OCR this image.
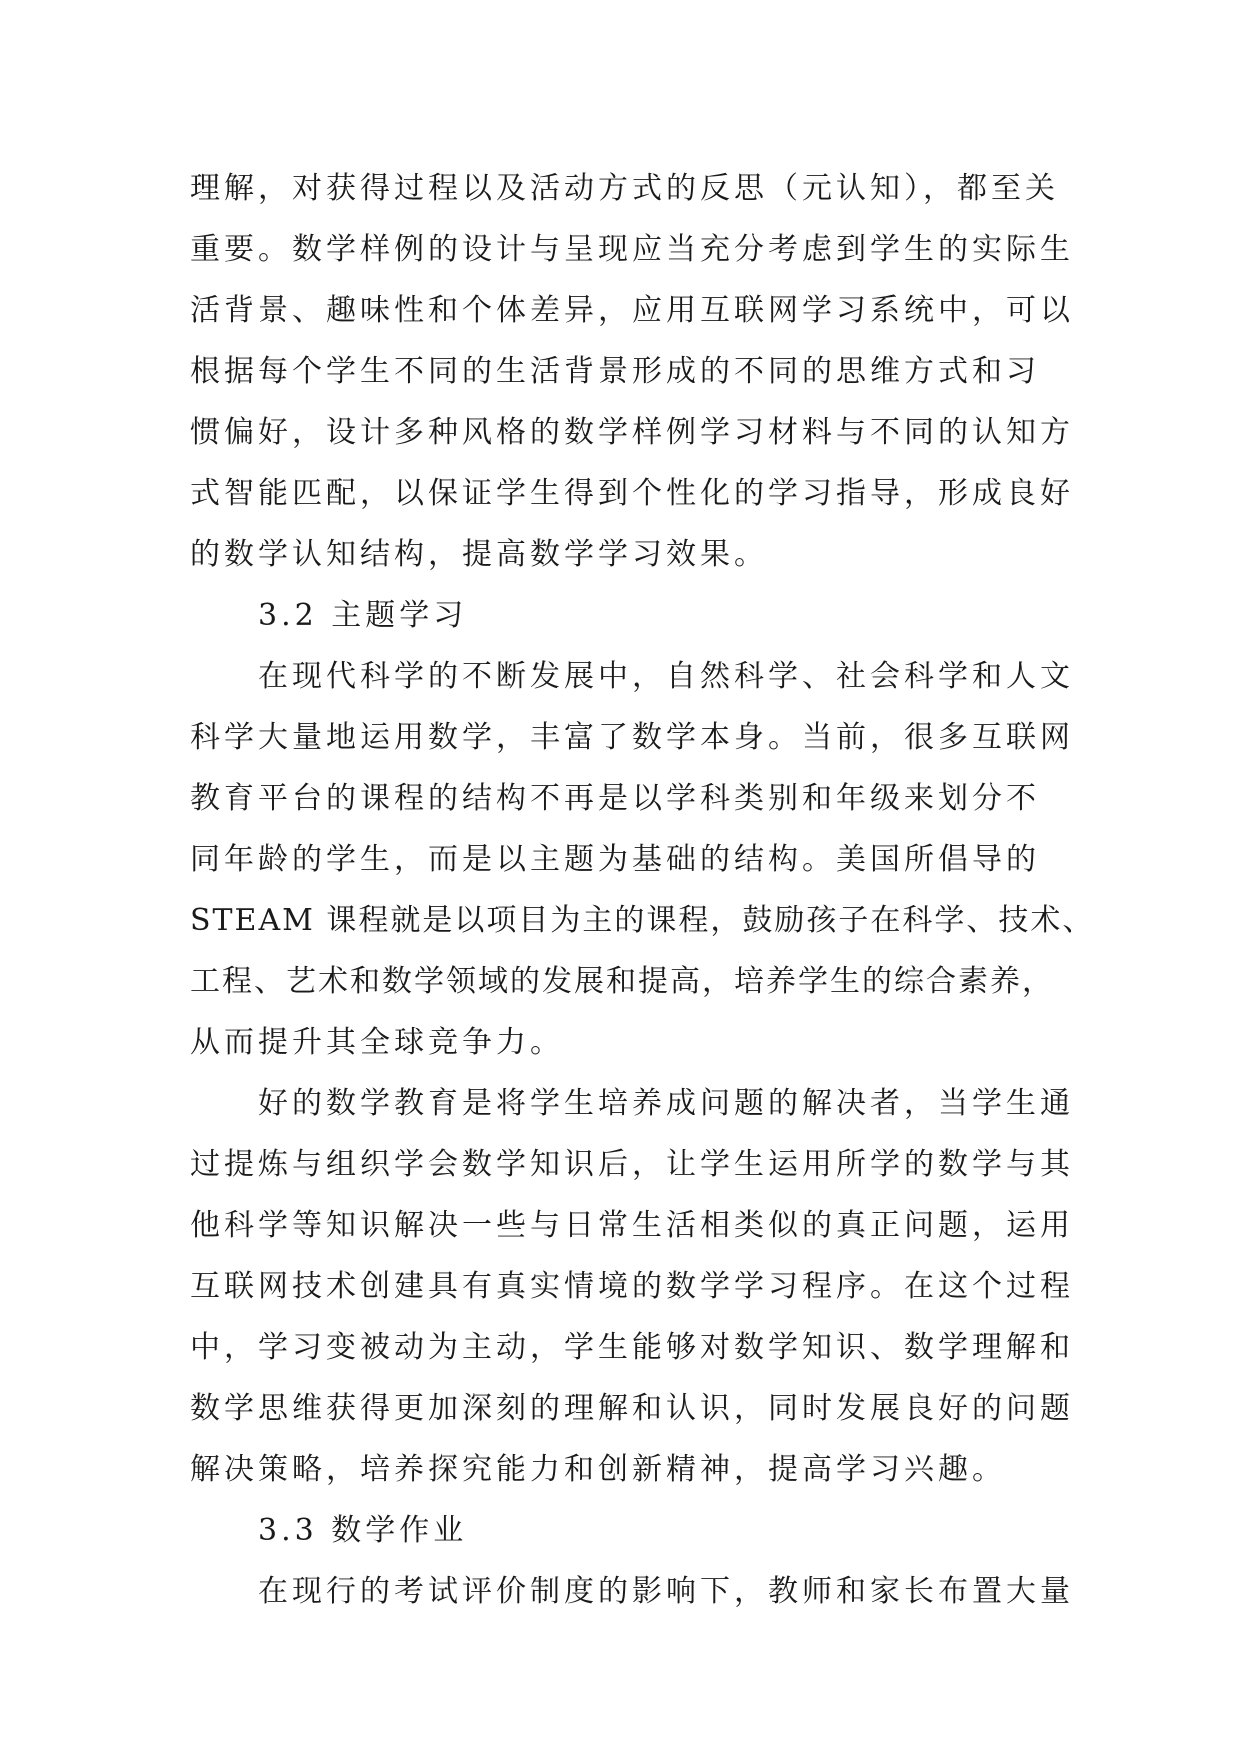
理解，对获得过程以及活动方式的反思（元认知），都至关
重要。数学样例的设计与呈现应当充分考虑到学生的实际生
活背景、趣味性和个体差异，应用互联网学习系统中，可以
根据每个学生不同的生活背景形成的不同的思维方式和习
惯偏好，设计多种风格的数学样例学习材料与不同的认知方
式智能匹配，以保证学生得到个性化的学习指导，形成良好
的数学认知结构，提高数学学习效果。

3.2 主题学习

在现代科学的不断发展中，自然科学、社会科学和人文
科学大量地运用数学，丰富了数学本身。当前，很多互联网
教育平台的课程的结构不再是以学科类别和年级来划分不
同年龄的学生，而是以主题为基础的结构。美国所倡导的
STEAM 课程就是以项目为主的课程，鼓励孩子在科学、技术、
工程、艺术和数学领域的发展和提高，培养学生的综合素养，
从而提升其全球竞争力。

好的数学教育是将学生培养成问题的解决者，当学生通
过提炼与组织学会数学知识后，让学生运用所学的数学与其
他科学等知识解决一些与日常生活相类似的真正问题，运用
互联网技术创建具有真实情境的数学学习程序。在这个过程
中，学习变被动为主动，学生能够对数学知识、数学理解和
数学思维获得更加深刻的理解和认识，同时发展良好的问题
解决策略，培养探究能力和创新精神，提高学习兴趣。

3.3 数学作业

在现行的考试评价制度的影响下，教师和家长布置大量
